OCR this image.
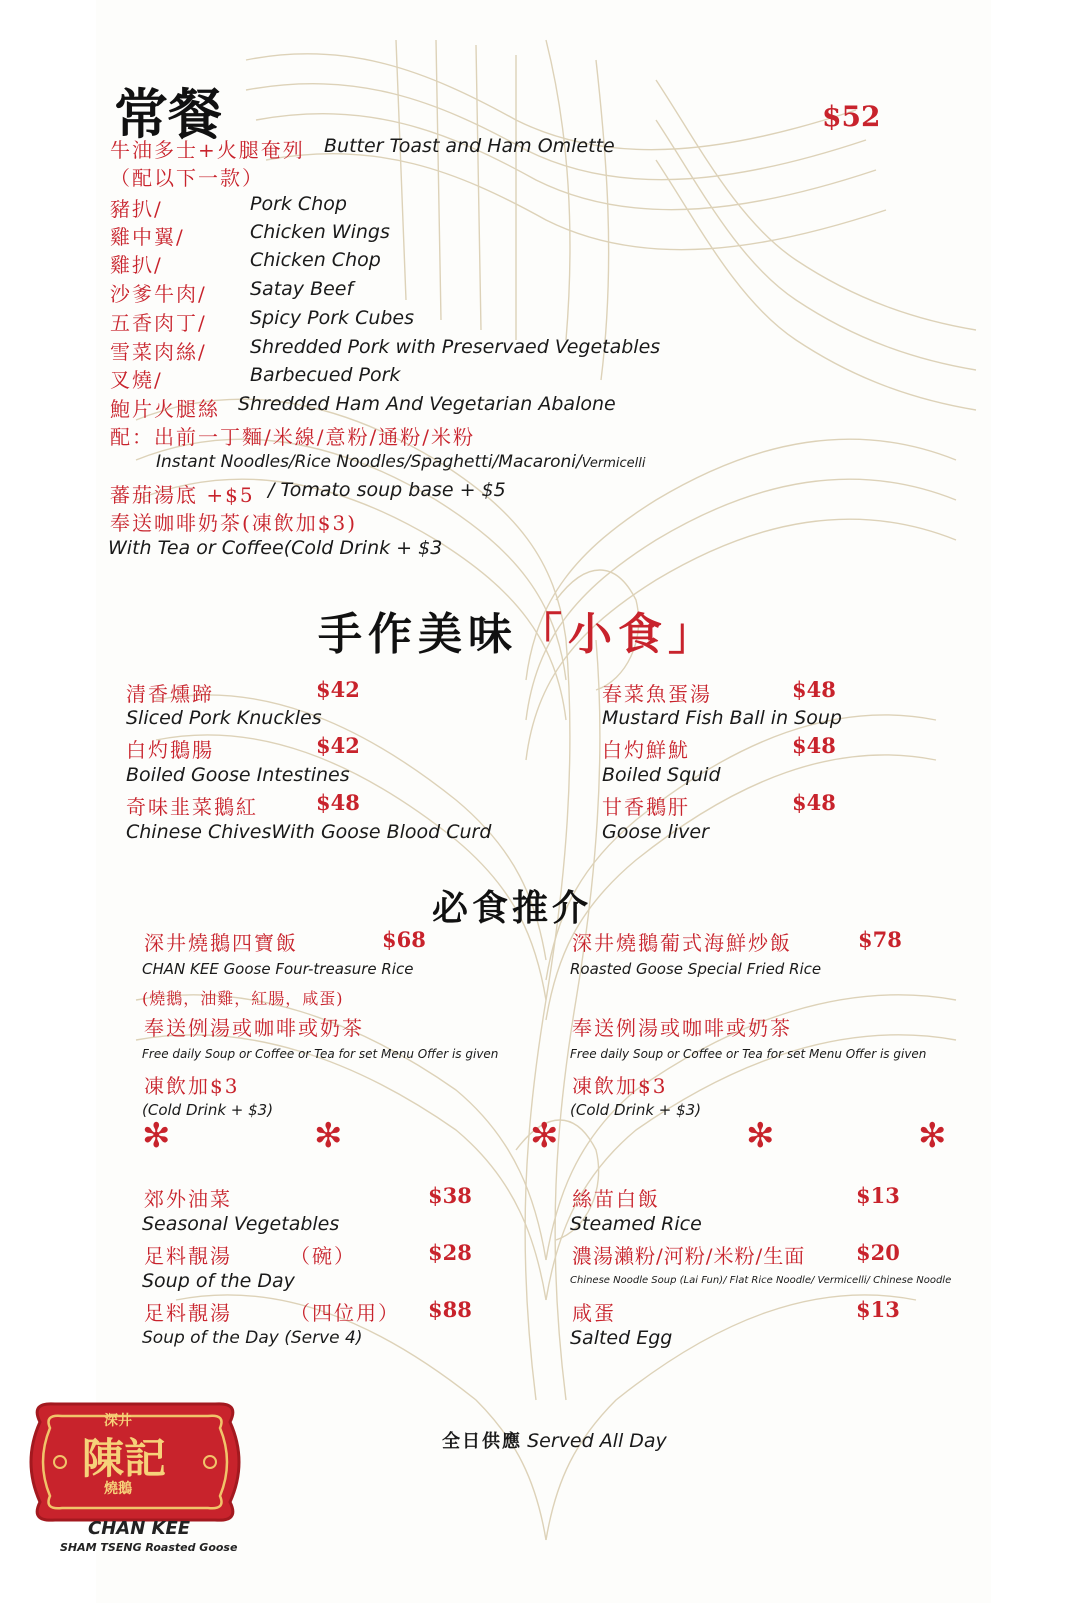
常餐	$52
牛油多士+火腿奄列 Butter Toast and Ham Omlette
（配以下一款）
豬扒/	Pork Chop
雞中翼/	Chicken Wings
雞扒/	Chicken Chop
沙爹牛肉/ Satay Beef
五香肉丁/ Spicy Pork Cubes
雪菜肉絲/ Shredded Pork with Preservaed Vegetables
叉燒/	Barbecued Pork
鮑片火腿絲 Shredded Ham And Vegetarian Abalone
配：出前一丁麵/米線/意粉/通粉/米粉
Instant Noodles/Rice Noodles/Spaghetti/Macaroni/Vermicelli
蕃茄湯底 +$5 / Tomato soup base + $5
奉送咖啡奶茶(凍飲加$3)
With Tea or Coffee(Cold Drink + $3
手作美味「小食」
清香燻蹄	$42
Sliced Pork Knuckles
白灼鵝腸	$42
Boiled Goose Intestines
奇味韭菜鵝紅	$48
Chinese ChivesWith Goose Blood Curd
春菜魚蛋湯	$48
Mustard Fish Ball in Soup
白灼鮮魷	$48
Boiled Squid
甘香鵝肝	$48
Goose liver
必食推介
深井燒鵝四寶飯	$68
CHAN KEE Goose Four-treasure Rice
(燒鵝，油雞，紅腸，咸蛋)
奉送例湯或咖啡或奶茶
Free daily Soup or Coffee or Tea for set Menu Offer is given
凍飲加$3
(Cold Drink + $3)
深井燒鵝葡式海鮮炒飯	$78
Roasted Goose Special Fried Rice
奉送例湯或咖啡或奶茶
Free daily Soup or Coffee or Tea for set Menu Offer is given
凍飲加$3
(Cold Drink + $3)
✻	✻	✻	✻	✻
郊外油菜	$38
Seasonal Vegetables
足料靚湯	（碗）	$28
Soup of the Day
足料靚湯	（四位用） $88
Soup of the Day (Serve 4)
絲苗白飯	$13
Steamed Rice
濃湯瀨粉/河粉/米粉/生面 $20
Chinese Noodle Soup (Lai Fun)/ Flat Rice Noodle/ Vermicelli/ Chinese Noodle
咸蛋	$13
Salted Egg
全日供應 Served All Day
深井
陳記
燒鵝
CHAN KEE
SHAM TSENG Roasted Goose
